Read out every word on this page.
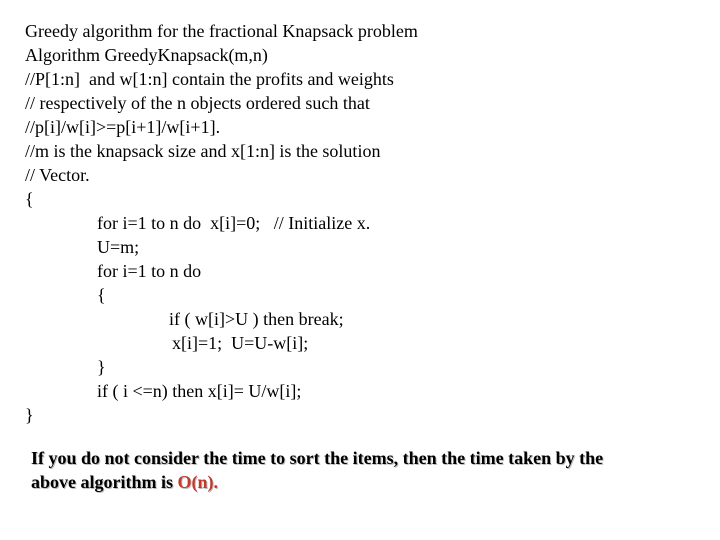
Greedy algorithm for the fractional Knapsack problem
Algorithm GreedyKnapsack(m,n)
//P[1:n]  and w[1:n] contain the profits and weights
// respectively of the n objects ordered such that
//p[i]/w[i]>=p[i+1]/w[i+1].
//m is the knapsack size and x[1:n] is the solution
// Vector.
{
for i=1 to n do  x[i]=0;   // Initialize x.
U=m;
for i=1 to n do
{
if ( w[i]>U ) then break;
x[i]=1;  U=U-w[i];
}
if ( i <=n) then x[i]= U/w[i];
}
If you do not consider the time to sort the items, then the time taken by the
above algorithm is O(n).
